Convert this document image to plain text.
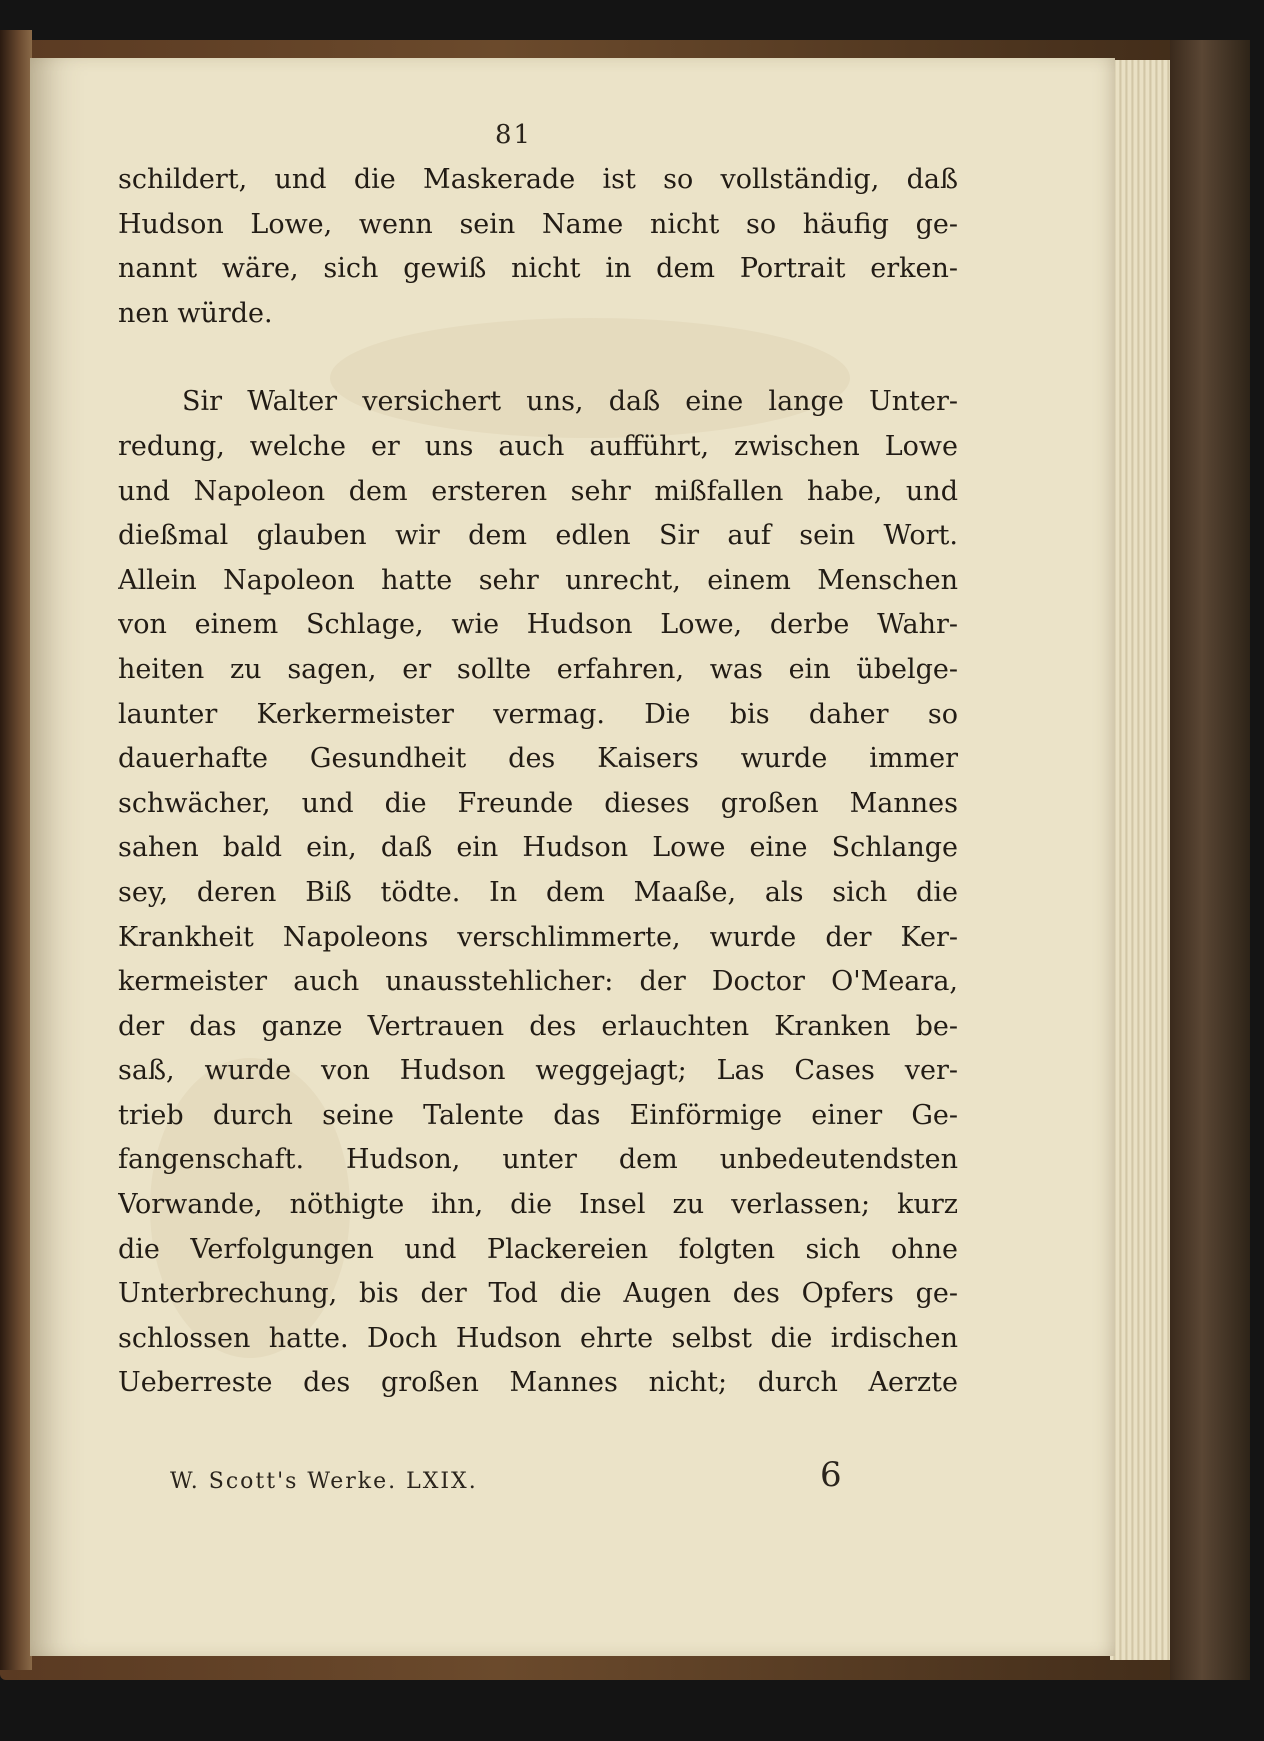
81
schildert, und die Maskerade ist so vollständig, daß
Hudson Lowe, wenn sein Name nicht so häufig ge-
nannt wäre, sich gewiß nicht in dem Portrait erken-
nen würde.
Sir Walter versichert uns, daß eine lange Unter-
redung, welche er uns auch aufführt, zwischen Lowe
und Napoleon dem ersteren sehr mißfallen habe, und
dießmal glauben wir dem edlen Sir auf sein Wort.
Allein Napoleon hatte sehr unrecht, einem Menschen
von einem Schlage, wie Hudson Lowe, derbe Wahr-
heiten zu sagen, er sollte erfahren, was ein übelge-
launter Kerkermeister vermag. Die bis daher so
dauerhafte Gesundheit des Kaisers wurde immer
schwächer, und die Freunde dieses großen Mannes
sahen bald ein, daß ein Hudson Lowe eine Schlange
sey, deren Biß tödte. In dem Maaße, als sich die
Krankheit Napoleons verschlimmerte, wurde der Ker-
kermeister auch unausstehlicher: der Doctor O'Meara,
der das ganze Vertrauen des erlauchten Kranken be-
saß, wurde von Hudson weggejagt; Las Cases ver-
trieb durch seine Talente das Einförmige einer Ge-
fangenschaft. Hudson, unter dem unbedeutendsten
Vorwande, nöthigte ihn, die Insel zu verlassen; kurz
die Verfolgungen und Plackereien folgten sich ohne
Unterbrechung, bis der Tod die Augen des Opfers ge-
schlossen hatte. Doch Hudson ehrte selbst die irdischen
Ueberreste des großen Mannes nicht; durch Aerzte
W. Scott's Werke. LXIX.	6
